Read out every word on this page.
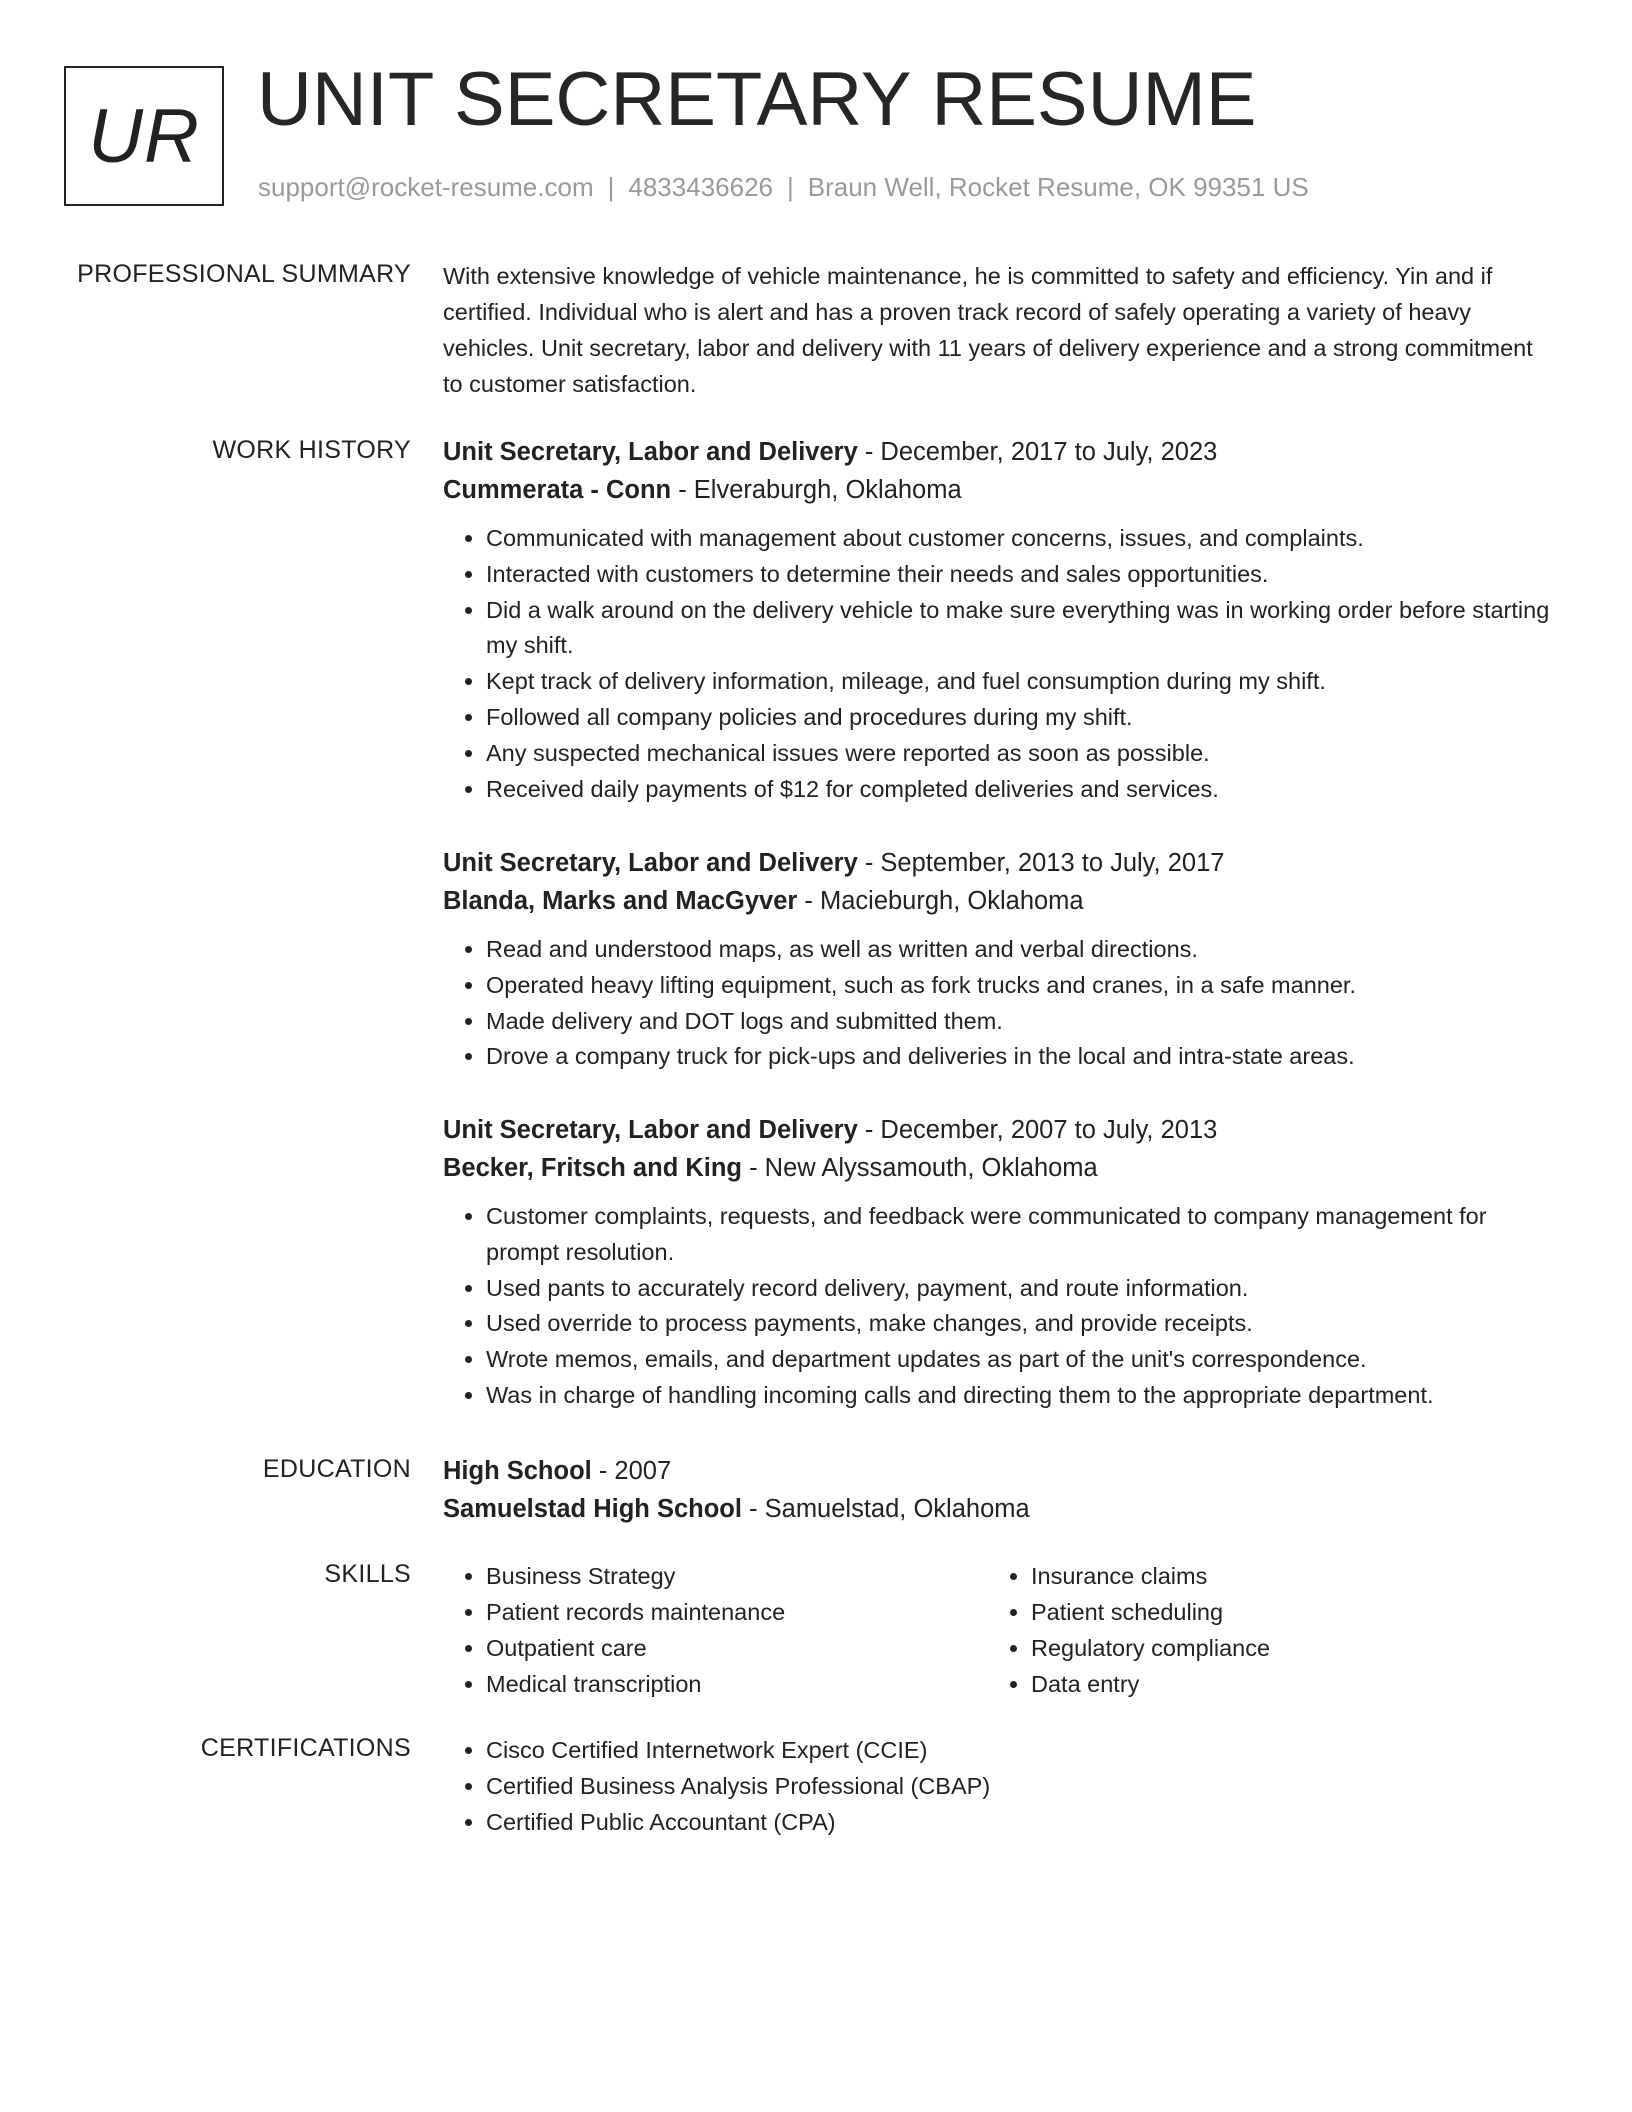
UR UNIT SECRETARY RESUME
support@rocket-resume.com | 4833436626 | Braun Well, Rocket Resume, OK 99351 US
PROFESSIONAL SUMMARY With extensive knowledge of vehicle maintenance, he is committed to safety and efficiency. Yin and if certified. Individual who is alert and has a proven track record of safely operating a variety of heavy vehicles. Unit secretary, labor and delivery with 11 years of delivery experience and a strong commitment to customer satisfaction.

WORK HISTORY Unit Secretary, Labor and Delivery - December, 2017 to July, 2023
Cummerata - Conn - Elveraburgh, Oklahoma
• Communicated with management about customer concerns, issues, and complaints.
• Interacted with customers to determine their needs and sales opportunities.
• Did a walk around on the delivery vehicle to make sure everything was in working order before starting my shift.
• Kept track of delivery information, mileage, and fuel consumption during my shift.
• Followed all company policies and procedures during my shift.
• Any suspected mechanical issues were reported as soon as possible.
• Received daily payments of $12 for completed deliveries and services.
Unit Secretary, Labor and Delivery - September, 2013 to July, 2017
Blanda, Marks and MacGyver - Macieburgh, Oklahoma
• Read and understood maps, as well as written and verbal directions.
• Operated heavy lifting equipment, such as fork trucks and cranes, in a safe manner.
• Made delivery and DOT logs and submitted them.
• Drove a company truck for pick-ups and deliveries in the local and intra-state areas.
Unit Secretary, Labor and Delivery - December, 2007 to July, 2013
Becker, Fritsch and King - New Alyssamouth, Oklahoma
• Customer complaints, requests, and feedback were communicated to company management for prompt resolution.
• Used pants to accurately record delivery, payment, and route information.
• Used override to process payments, make changes, and provide receipts.
• Wrote memos, emails, and department updates as part of the unit's correspondence.
• Was in charge of handling incoming calls and directing them to the appropriate department.
EDUCATION High School - 2007
Samuelstad High School - Samuelstad, Oklahoma
SKILLS	• Business Strategy
• Patient records maintenance
• Outpatient care
• Medical transcription
• Insurance claims
• Patient scheduling
• Regulatory compliance
• Data entry
CERTIFICATIONS	• Cisco Certified Internetwork Expert (CCIE)
• Certified Business Analysis Professional (CBAP)
• Certified Public Accountant (CPA)
